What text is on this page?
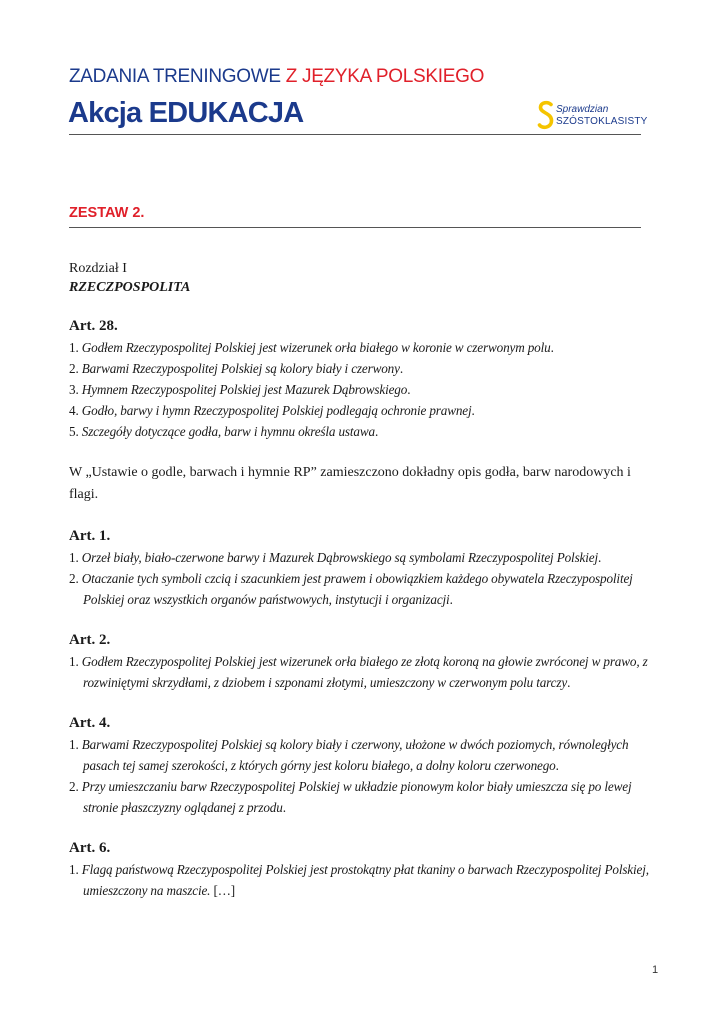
ZADANIA TRENINGOWE Z JĘZYKA POLSKIEGO
Akcja EDUKACJA	Sprawdzian
SZÓSTOKLASISTY
ZESTAW 2.
Rozdział I
RZECZPOSPOLITA
Art. 28.
1. Godłem Rzeczypospolitej Polskiej jest wizerunek orła białego w koronie w czerwonym polu.
2. Barwami Rzeczypospolitej Polskiej są kolory biały i czerwony.
3. Hymnem Rzeczypospolitej Polskiej jest Mazurek Dąbrowskiego.
4. Godło, barwy i hymn Rzeczypospolitej Polskiej podlegają ochronie prawnej.
5. Szczegóły dotyczące godła, barw i hymnu określa ustawa.
W „Ustawie o godle, barwach i hymnie RP” zamieszczono dokładny opis godła, barw narodowych i flagi.
Art. 1.
1. Orzeł biały, biało-czerwone barwy i Mazurek Dąbrowskiego są symbolami Rzeczypospolitej Polskiej.
2. Otaczanie tych symboli czcią i szacunkiem jest prawem i obowiązkiem każdego obywatela Rzeczypospolitej Polskiej oraz wszystkich organów państwowych, instytucji i organizacji.
Art. 2.
1. Godłem Rzeczypospolitej Polskiej jest wizerunek orła białego ze złotą koroną na głowie zwróconej w prawo, z rozwiniętymi skrzydłami, z dziobem i szponami złotymi, umieszczony w czerwonym polu tarczy.
Art. 4.
1. Barwami Rzeczypospolitej Polskiej są kolory biały i czerwony, ułożone w dwóch poziomych, równoległych pasach tej samej szerokości, z których górny jest koloru białego, a dolny koloru czerwonego.
2. Przy umieszczaniu barw Rzeczypospolitej Polskiej w układzie pionowym kolor biały umieszcza się po lewej stronie płaszczyzny oglądanej z przodu.
Art. 6.
1. Flagą państwową Rzeczypospolitej Polskiej jest prostokątny płat tkaniny o barwach Rzeczypospolitej Polskiej, umieszczony na maszcie. […]
1
